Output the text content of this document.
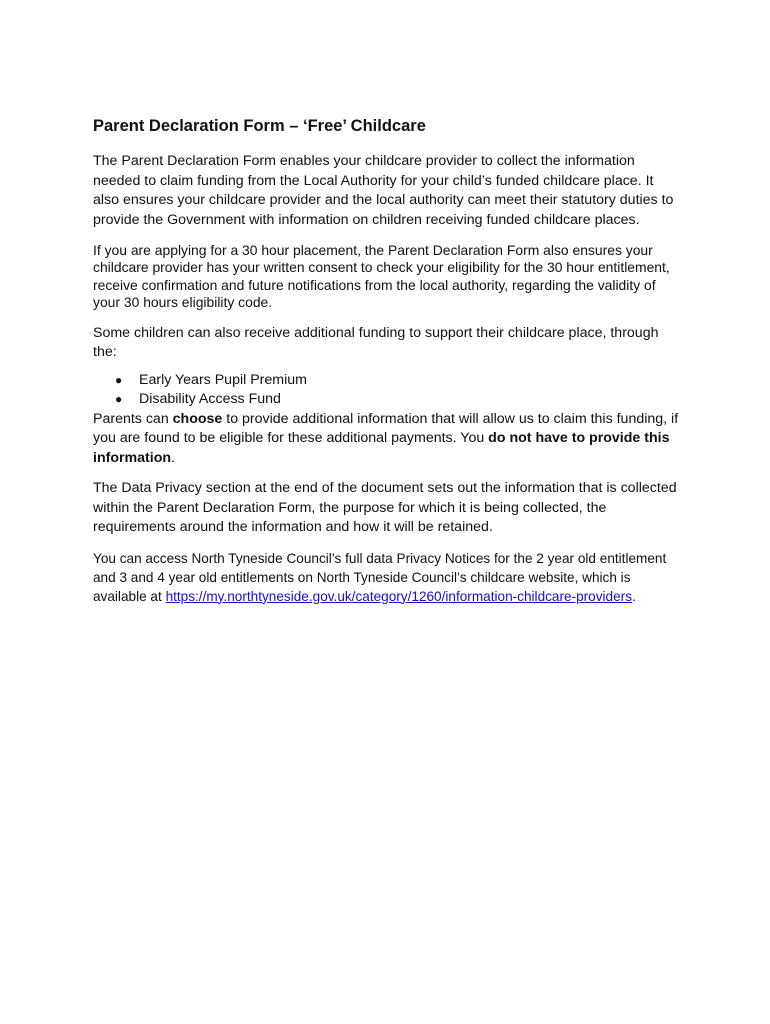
Parent Declaration Form – ‘Free’ Childcare

The Parent Declaration Form enables your childcare provider to collect the information needed to claim funding from the Local Authority for your child’s funded childcare place. It also ensures your childcare provider and the local authority can meet their statutory duties to provide the Government with information on children receiving funded childcare places.

If you are applying for a 30 hour placement, the Parent Declaration Form also ensures your childcare provider has your written consent to check your eligibility for the 30 hour entitlement, receive confirmation and future notifications from the local authority, regarding the validity of your 30 hours eligibility code.

Some children can also receive additional funding to support their childcare place, through the:

● Early Years Pupil Premium
● Disability Access Fund

Parents can choose to provide additional information that will allow us to claim this funding, if you are found to be eligible for these additional payments. You do not have to provide this information.

The Data Privacy section at the end of the document sets out the information that is collected within the Parent Declaration Form, the purpose for which it is being collected, the requirements around the information and how it will be retained.

You can access North Tyneside Council’s full data Privacy Notices for the 2 year old entitlement and 3 and 4 year old entitlements on North Tyneside Council’s childcare website, which is available at https://my.northtyneside.gov.uk/category/1260/information-childcare-providers.
